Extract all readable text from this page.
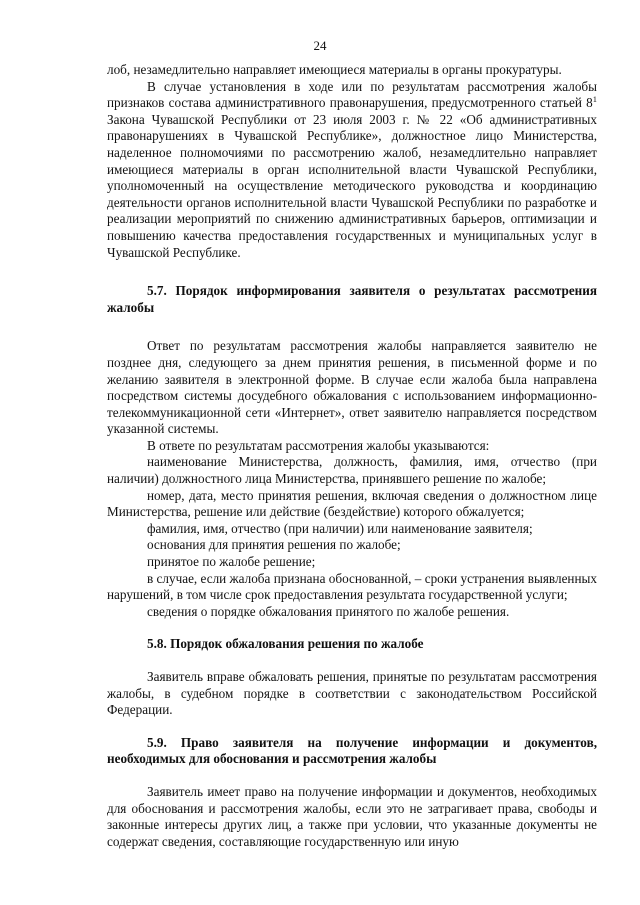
24

лоб, незамедлительно направляет имеющиеся материалы в органы прокуратуры.

В случае установления в ходе или по результатам рассмотрения жалобы признаков состава административного правонарушения, предусмотренного статьей $8^1$ Закона Чувашской Республики от 23 июля 2003 г. № 22 «Об административных правонарушениях в Чувашской Республике», должностное лицо Министерства, наделенное полномочиями по рассмотрению жалоб, незамедлительно направляет имеющиеся материалы в орган исполнительной власти Чувашской Республики, уполномоченный на осуществление методического руководства и координацию деятельности органов исполнительной власти Чувашской Республики по разработке и реализации мероприятий по снижению административных барьеров, оптимизации и повышению качества предоставления государственных и муниципальных услуг в Чувашской Республике.

5.7. Порядок информирования заявителя о результатах рассмотрения жалобы

Ответ по результатам рассмотрения жалобы направляется заявителю не позднее дня, следующего за днем принятия решения, в письменной форме и по желанию заявителя в электронной форме. В случае если жалоба была направлена посредством системы досудебного обжалования с использованием информационно-телекоммуникационной сети «Интернет», ответ заявителю направляется посредством указанной системы.

В ответе по результатам рассмотрения жалобы указываются:

наименование Министерства, должность, фамилия, имя, отчество (при наличии) должностного лица Министерства, принявшего решение по жалобе;

номер, дата, место принятия решения, включая сведения о должностном лице Министерства, решение или действие (бездействие) которого обжалуется;

фамилия, имя, отчество (при наличии) или наименование заявителя;

основания для принятия решения по жалобе;

принятое по жалобе решение;

в случае, если жалоба признана обоснованной, – сроки устранения выявленных нарушений, в том числе срок предоставления результата государственной услуги;

сведения о порядке обжалования принятого по жалобе решения.

5.8. Порядок обжалования решения по жалобе

Заявитель вправе обжаловать решения, принятые по результатам рассмотрения жалобы, в судебном порядке в соответствии с законодательством Российской Федерации.

5.9. Право заявителя на получение информации и документов, необходимых для обоснования и рассмотрения жалобы

Заявитель имеет право на получение информации и документов, необходимых для обоснования и рассмотрения жалобы, если это не затрагивает права, свободы и законные интересы других лиц, а также при условии, что указанные документы не содержат сведения, составляющие государственную или иную
